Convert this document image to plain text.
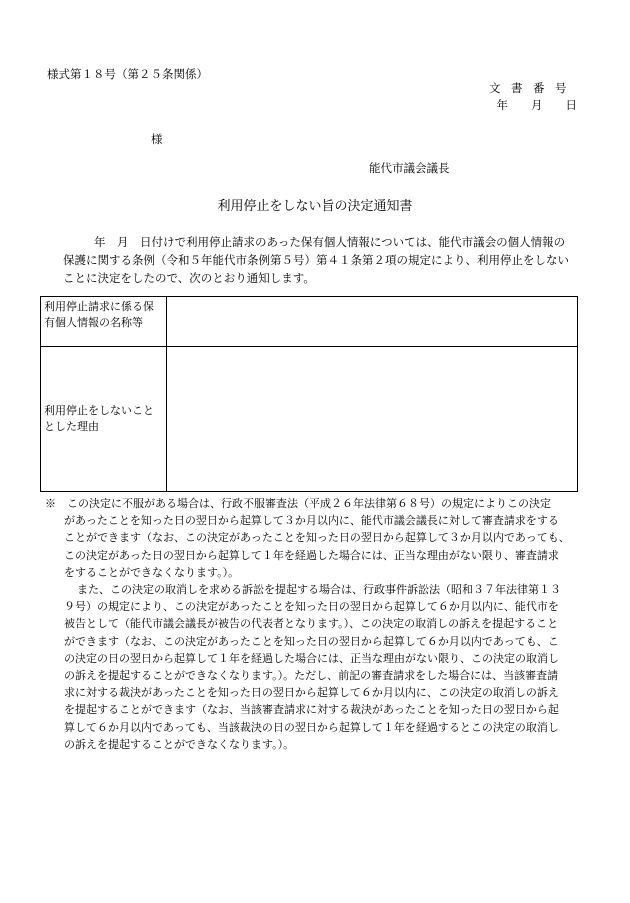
様式第１８号（第２５条関係）
文書番号
年　　月　　日
様
能代市議会議長
利用停止をしない旨の決定通知書
年　月　日付けで利用停止請求のあった保有個人情報については、能代市議会の個人情報の
保護に関する条例（令和５年能代市条例第５号）第４１条第２項の規定により、利用停止をしない
ことに決定をしたので、次のとおり通知します。
利用停止請求に係る保有個人情報の名称等	
利用停止をしないこととした理由	
※　この決定に不服がある場合は、行政不服審査法（平成２６年法律第６８号）の規定によりこの決定
があったことを知った日の翌日から起算して３か月以内に、能代市議会議長に対して審査請求をする
ことができます（なお、この決定があったことを知った日の翌日から起算して３か月以内であっても、
この決定があった日の翌日から起算して１年を経過した場合には、正当な理由がない限り、審査請求
をすることができなくなります。）。
また、この決定の取消しを求める訴訟を提起する場合は、行政事件訴訟法（昭和３７年法律第１３
９号）の規定により、この決定があったことを知った日の翌日から起算して６か月以内に、能代市を
被告として（能代市議会議長が被告の代表者となります。）、この決定の取消しの訴えを提起すること
ができます（なお、この決定があったことを知った日の翌日から起算して６か月以内であっても、こ
の決定の日の翌日から起算して１年を経過した場合には、正当な理由がない限り、この決定の取消し
の訴えを提起することができなくなります。）。ただし、前記の審査請求をした場合には、当該審査請
求に対する裁決があったことを知った日の翌日から起算して６か月以内に、この決定の取消しの訴え
を提起することができます（なお、当該審査請求に対する裁決があったことを知った日の翌日から起
算して６か月以内であっても、当該裁決の日の翌日から起算して１年を経過するとこの決定の取消し
の訴えを提起することができなくなります。）。
